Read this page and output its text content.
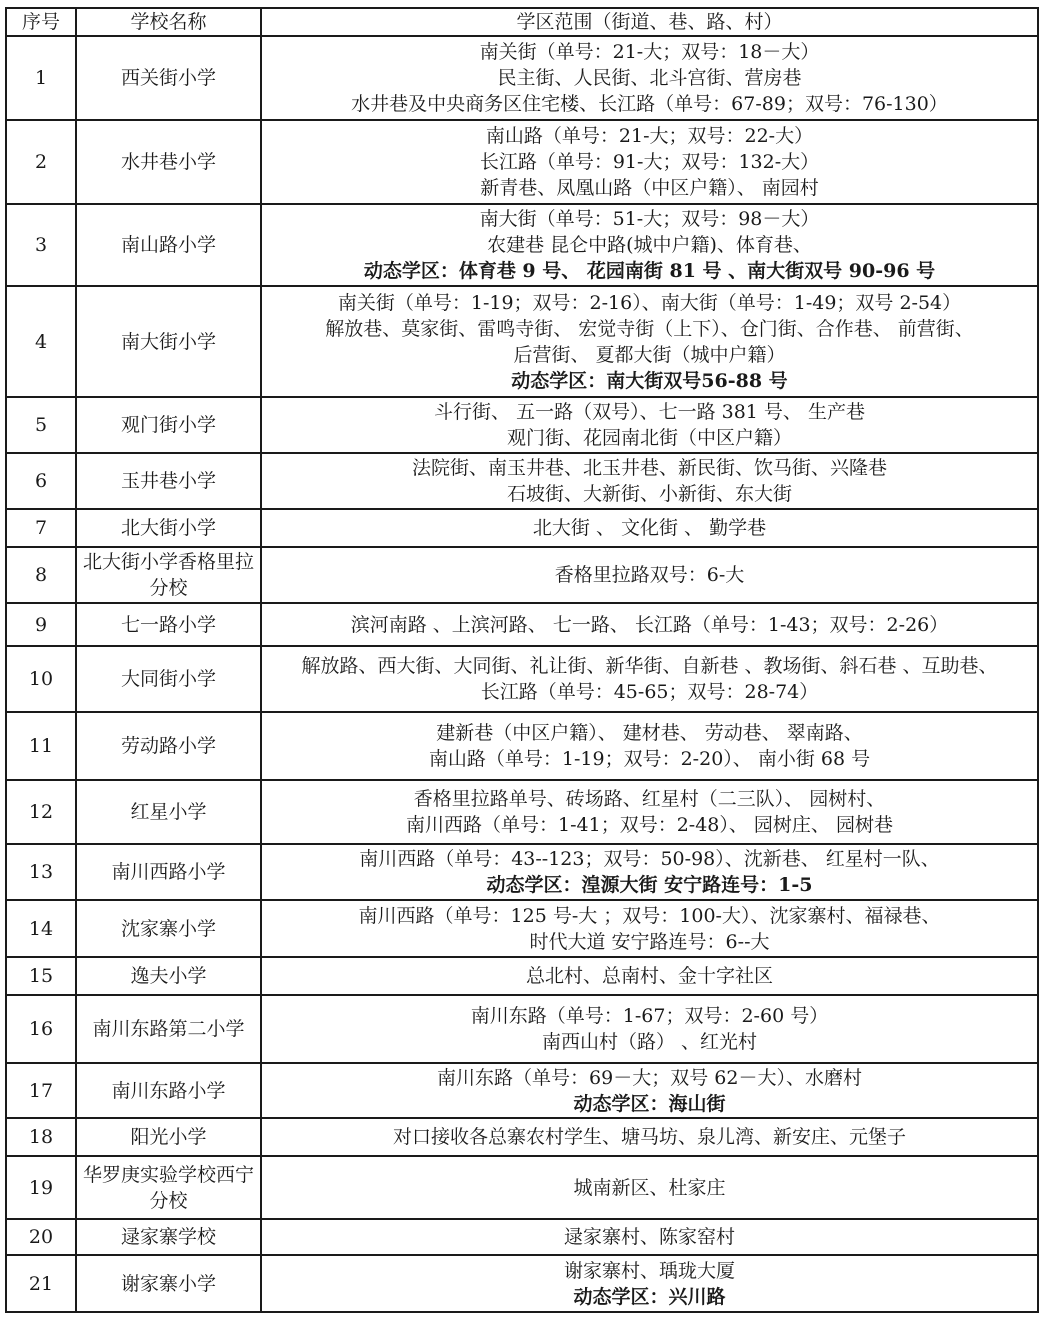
序号	学校名称	学区范围（街道、巷、路、村）
1	西关街小学	南关街（单号：21-大；双号：18－大）
民主街、人民街、北斗宫街、营房巷
水井巷及中央商务区住宅楼、长江路（单号：67-89；双号：76-130）

2	水井巷小学	南山路（单号：21-大；双号：22-大）
长江路（单号：91-大；双号：132-大）
新青巷、凤凰山路（中区户籍）、 南园村

3	南山路小学	南大街（单号：51-大；双号：98－大）
农建巷 昆仑中路(城中户籍)、体育巷、
动态学区：体育巷 9 号、 花园南街 81 号 、南大街双号 90-96 号

4	南大街小学	南关街（单号：1-19；双号：2-16）、南大街（单号：1-49；双号 2-54）
解放巷、莫家街、雷鸣寺街、 宏觉寺街（上下）、仓门街、合作巷、 前营街、
后营街、 夏都大街（城中户籍）
动态学区：南大街双号56-88 号

5	观门街小学	斗行街、 五一路（双号）、七一路 381 号、 生产巷
观门街、花园南北街（中区户籍）

6	玉井巷小学	法院街、南玉井巷、北玉井巷、新民街、饮马街、兴隆巷
石坡街、大新街、小新街、东大街

7	北大街小学	北大街 、 文化街 、 勤学巷

8	北大街小学香格里拉分校	香格里拉路双号：6-大

9	七一路小学	滨河南路 、上滨河路、 七一路、 长江路（单号：1-43；双号：2-26）

10	大同街小学	解放路、西大街、大同街、礼让街、新华街、自新巷 、教场街、斜石巷 、互助巷、
长江路（单号：45-65；双号：28-74）

11	劳动路小学	建新巷（中区户籍）、 建材巷、 劳动巷、 翠南路、
南山路（单号：1-19；双号：2-20）、 南小街 68 号

12	红星小学	香格里拉路单号、砖场路、红星村（二三队）、 园树村、
南川西路（单号：1-41；双号：2-48）、 园树庄、 园树巷

13	南川西路小学	南川西路（单号：43--123；双号：50-98）、沈新巷、 红星村一队、
动态学区：湟源大街 安宁路连号：1-5

14	沈家寨小学	南川西路（单号：125 号-大 ；双号：100-大）、沈家寨村、福禄巷、
时代大道 安宁路连号：6--大

15	逸夫小学	总北村、总南村、金十字社区

16	南川东路第二小学	南川东路（单号：1-67；双号：2-60 号）
南西山村（路） 、红光村

17	南川东路小学	南川东路（单号：69－大；双号 62－大）、水磨村
动态学区：海山街

18	阳光小学	对口接收各总寨农村学生、塘马坊、泉儿湾、新安庄、元堡子

19	华罗庚实验学校西宁分校	城南新区、杜家庄

20	逯家寨学校	逯家寨村、陈家窑村

21	谢家寨小学	谢家寨村、瑀珑大厦
动态学区：兴川路
